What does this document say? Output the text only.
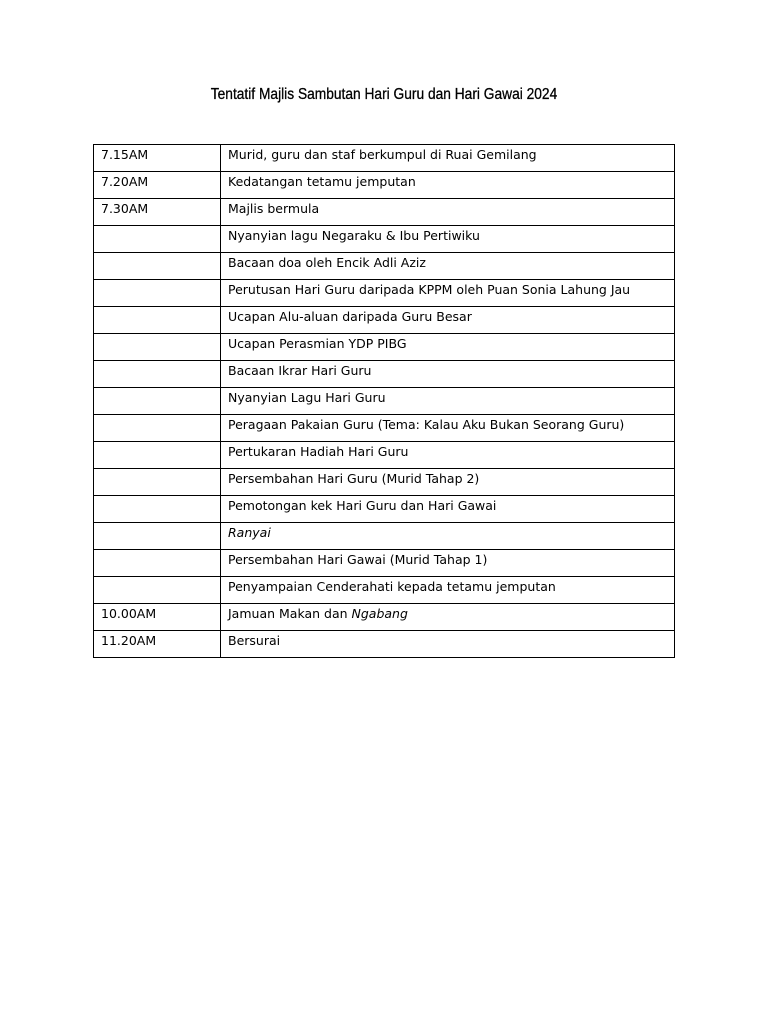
Tentatif Majlis Sambutan Hari Guru dan Hari Gawai 2024
7.15AM	Murid, guru dan staf berkumpul di Ruai Gemilang
7.20AM	Kedatangan tetamu jemputan
7.30AM	Majlis bermula
	Nyanyian lagu Negaraku & Ibu Pertiwiku
	Bacaan doa oleh Encik Adli Aziz
	Perutusan Hari Guru daripada KPPM oleh Puan Sonia Lahung Jau
	Ucapan Alu-aluan daripada Guru Besar
	Ucapan Perasmian YDP PIBG
	Bacaan Ikrar Hari Guru
	Nyanyian Lagu Hari Guru
	Peragaan Pakaian Guru (Tema: Kalau Aku Bukan Seorang Guru)
	Pertukaran Hadiah Hari Guru
	Persembahan Hari Guru (Murid Tahap 2)
	Pemotongan kek Hari Guru dan Hari Gawai
	Ranyai
	Persembahan Hari Gawai (Murid Tahap 1)
	Penyampaian Cenderahati kepada tetamu jemputan
10.00AM	Jamuan Makan dan Ngabang
11.20AM	Bersurai
